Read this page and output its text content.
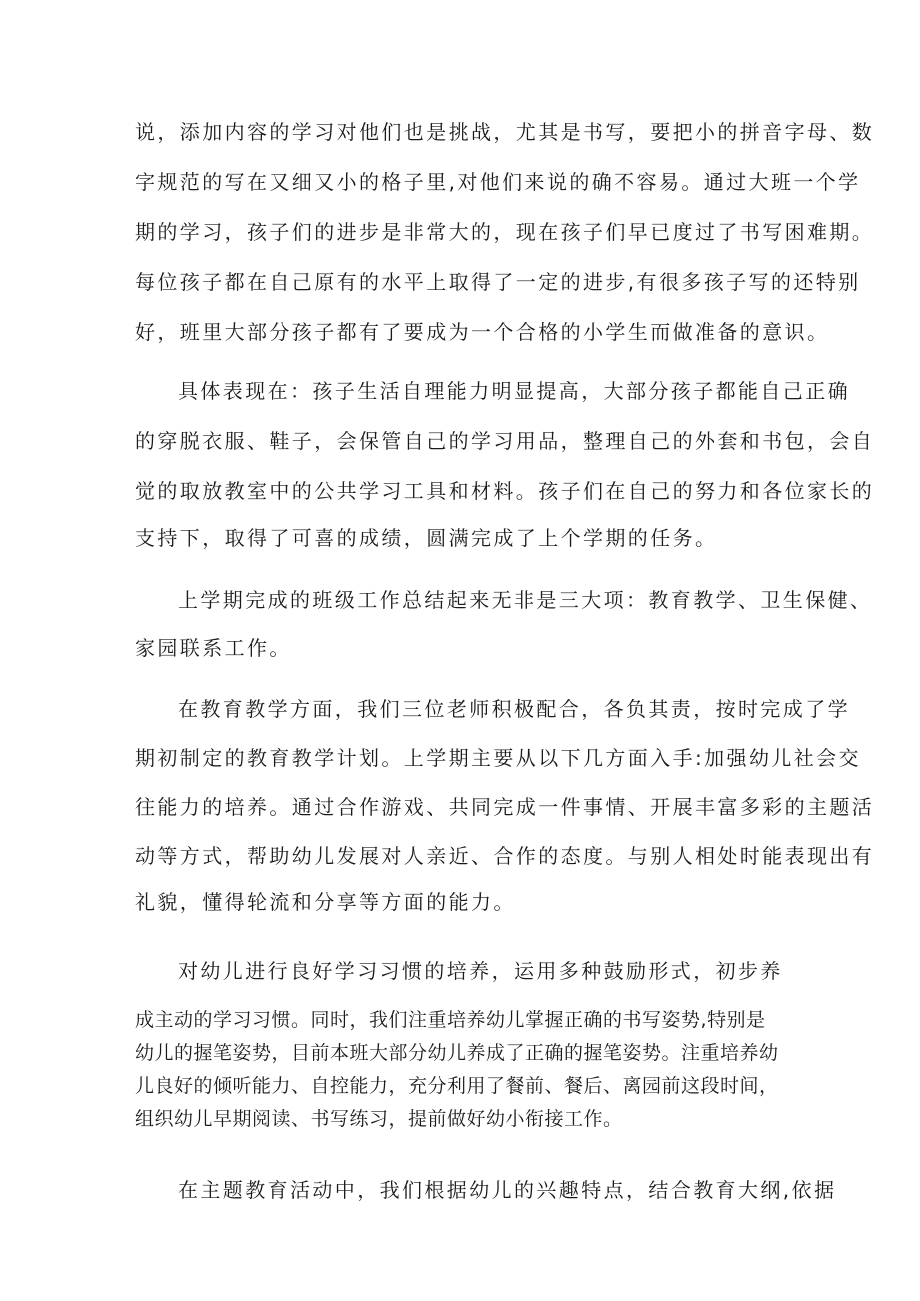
说，添加内容的学习对他们也是挑战，尤其是书写，要把小的拼音字母、数
字规范的写在又细又小的格子里,对他们来说的确不容易。通过大班一个学
期的学习，孩子们的进步是非常大的，现在孩子们早已度过了书写困难期。
每位孩子都在自己原有的水平上取得了一定的进步,有很多孩子写的还特别
好，班里大部分孩子都有了要成为一个合格的小学生而做准备的意识。
具体表现在：孩子生活自理能力明显提高，大部分孩子都能自己正确
的穿脱衣服、鞋子，会保管自己的学习用品，整理自己的外套和书包，会自
觉的取放教室中的公共学习工具和材料。孩子们在自己的努力和各位家长的
支持下，取得了可喜的成绩，圆满完成了上个学期的任务。
上学期完成的班级工作总结起来无非是三大项：教育教学、卫生保健、
家园联系工作。
在教育教学方面，我们三位老师积极配合，各负其责，按时完成了学
期初制定的教育教学计划。上学期主要从以下几方面入手:加强幼儿社会交
往能力的培养。通过合作游戏、共同完成一件事情、开展丰富多彩的主题活
动等方式，帮助幼儿发展对人亲近、合作的态度。与别人相处时能表现出有
礼貌，懂得轮流和分享等方面的能力。
对幼儿进行良好学习习惯的培养，运用多种鼓励形式，初步养
成主动的学习习惯。同时，我们注重培养幼儿掌握正确的书写姿势,特别是
幼儿的握笔姿势，目前本班大部分幼儿养成了正确的握笔姿势。注重培养幼
儿良好的倾听能力、自控能力，充分利用了餐前、餐后、离园前这段时间，
组织幼儿早期阅读、书写练习，提前做好幼小衔接工作。
在主题教育活动中，我们根据幼儿的兴趣特点，结合教育大纲,依据
